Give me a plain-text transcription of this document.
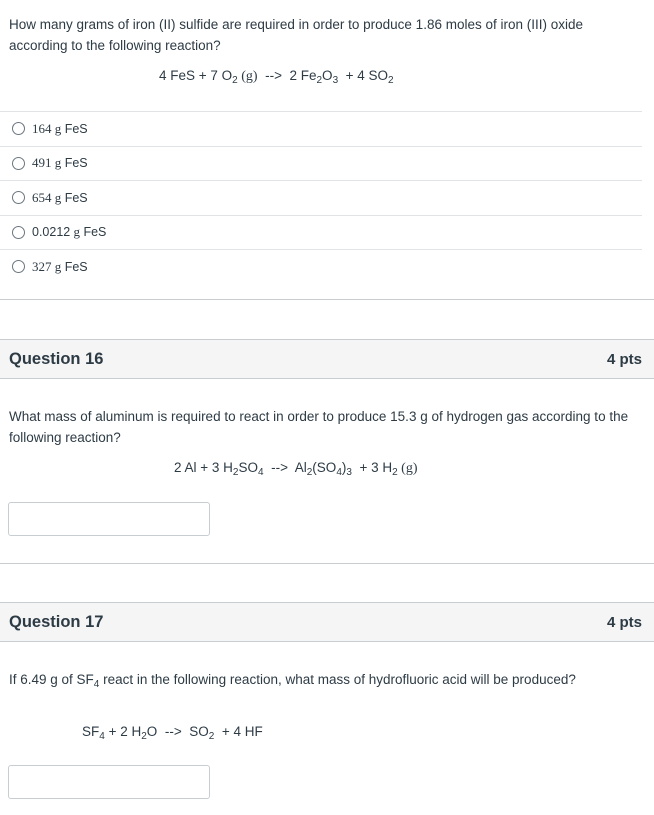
How many grams of iron (II) sulfide are required in order to produce 1.86 moles of iron (III) oxide according to the following reaction?
4 FeS + 7 $O_2$ (g) --> 2 $Fe_2O_3 + 4$ $SO_2$
164 g FeS
491 g FeS
654 g FeS
0.0212 g FeS
327 g FeS
Question 16	4 pts
What mass of aluminum is required to react in order to produce 15.3 g of hydrogen gas according to the following reaction?
2 Al + 3 $H_2SO_4$ --> $Al_2(SO_4)_3 + 3$ $H_2$ (g)
Question 17	4 pts
If 6.49 g of $SF_4$ react in the following reaction, what mass of hydrofluoric acid will be produced?
$SF_4 + 2$ $H_2O$ --> $SO_2 + 4$ HF
